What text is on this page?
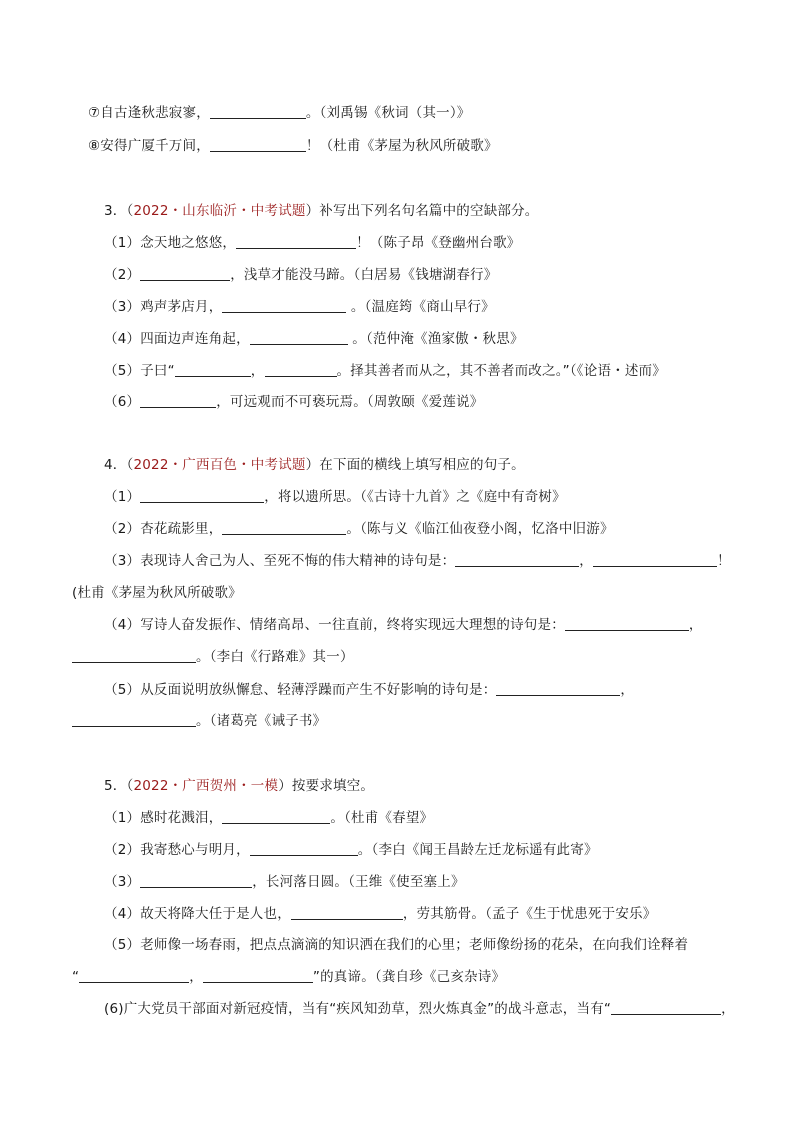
⑦自古逢秋悲寂寥，	。（刘禹锡《秋词（其一）》
⑧安得广厦千万间，	！（杜甫《茅屋为秋风所破歌》
3．（2022・山东临沂・中考试题）补写出下列名句名篇中的空缺部分。
（1）念天地之悠悠，	！（陈子昂《登幽州台歌》
（2）	，浅草才能没马蹄。（白居易《钱塘湖春行》
（3）鸡声茅店月，	。（温庭筠《商山早行》
（4）四面边声连角起，	。（范仲淹《渔家傲・秋思》
（5）子曰“	，	。择其善者而从之，其不善者而改之。”（《论语・述而》
（6）	，可远观而不可亵玩焉。（周敦颐《爱莲说》
4．（2022・广西百色・中考试题）在下面的横线上填写相应的句子。
（1）	，将以遗所思。（《古诗十九首》之《庭中有奇树》
（2）杏花疏影里，	。（陈与义《临江仙夜登小阁，忆洛中旧游》
（3）表现诗人舍己为人、至死不悔的伟大精神的诗句是：	，	！
(杜甫《茅屋为秋风所破歌》
（4）写诗人奋发振作、情绪高昂、一往直前，终将实现远大理想的诗句是：	，
。（李白《行路难》其一）
（5）从反面说明放纵懈怠、轻薄浮躁而产生不好影响的诗句是：	，
。（诸葛亮《诫子书》
5．（2022・广西贺州・一模）按要求填空。
（1）感时花溅泪，	。（杜甫《春望》
（2）我寄愁心与明月，	。（李白《闻王昌龄左迁龙标遥有此寄》
（3）	，长河落日圆。（王维《使至塞上》
（4）故天将降大任于是人也，	，劳其筋骨。（孟子《生于忧患死于安乐》
（5）老师像一场春雨，把点点滴滴的知识洒在我们的心里；老师像纷扬的花朵，在向我们诠释着
“	，	”的真谛。（龚自珍《己亥杂诗》
(6)广大党员干部面对新冠疫情，当有“疾风知劲草，烈火炼真金”的战斗意志，当有“	，
